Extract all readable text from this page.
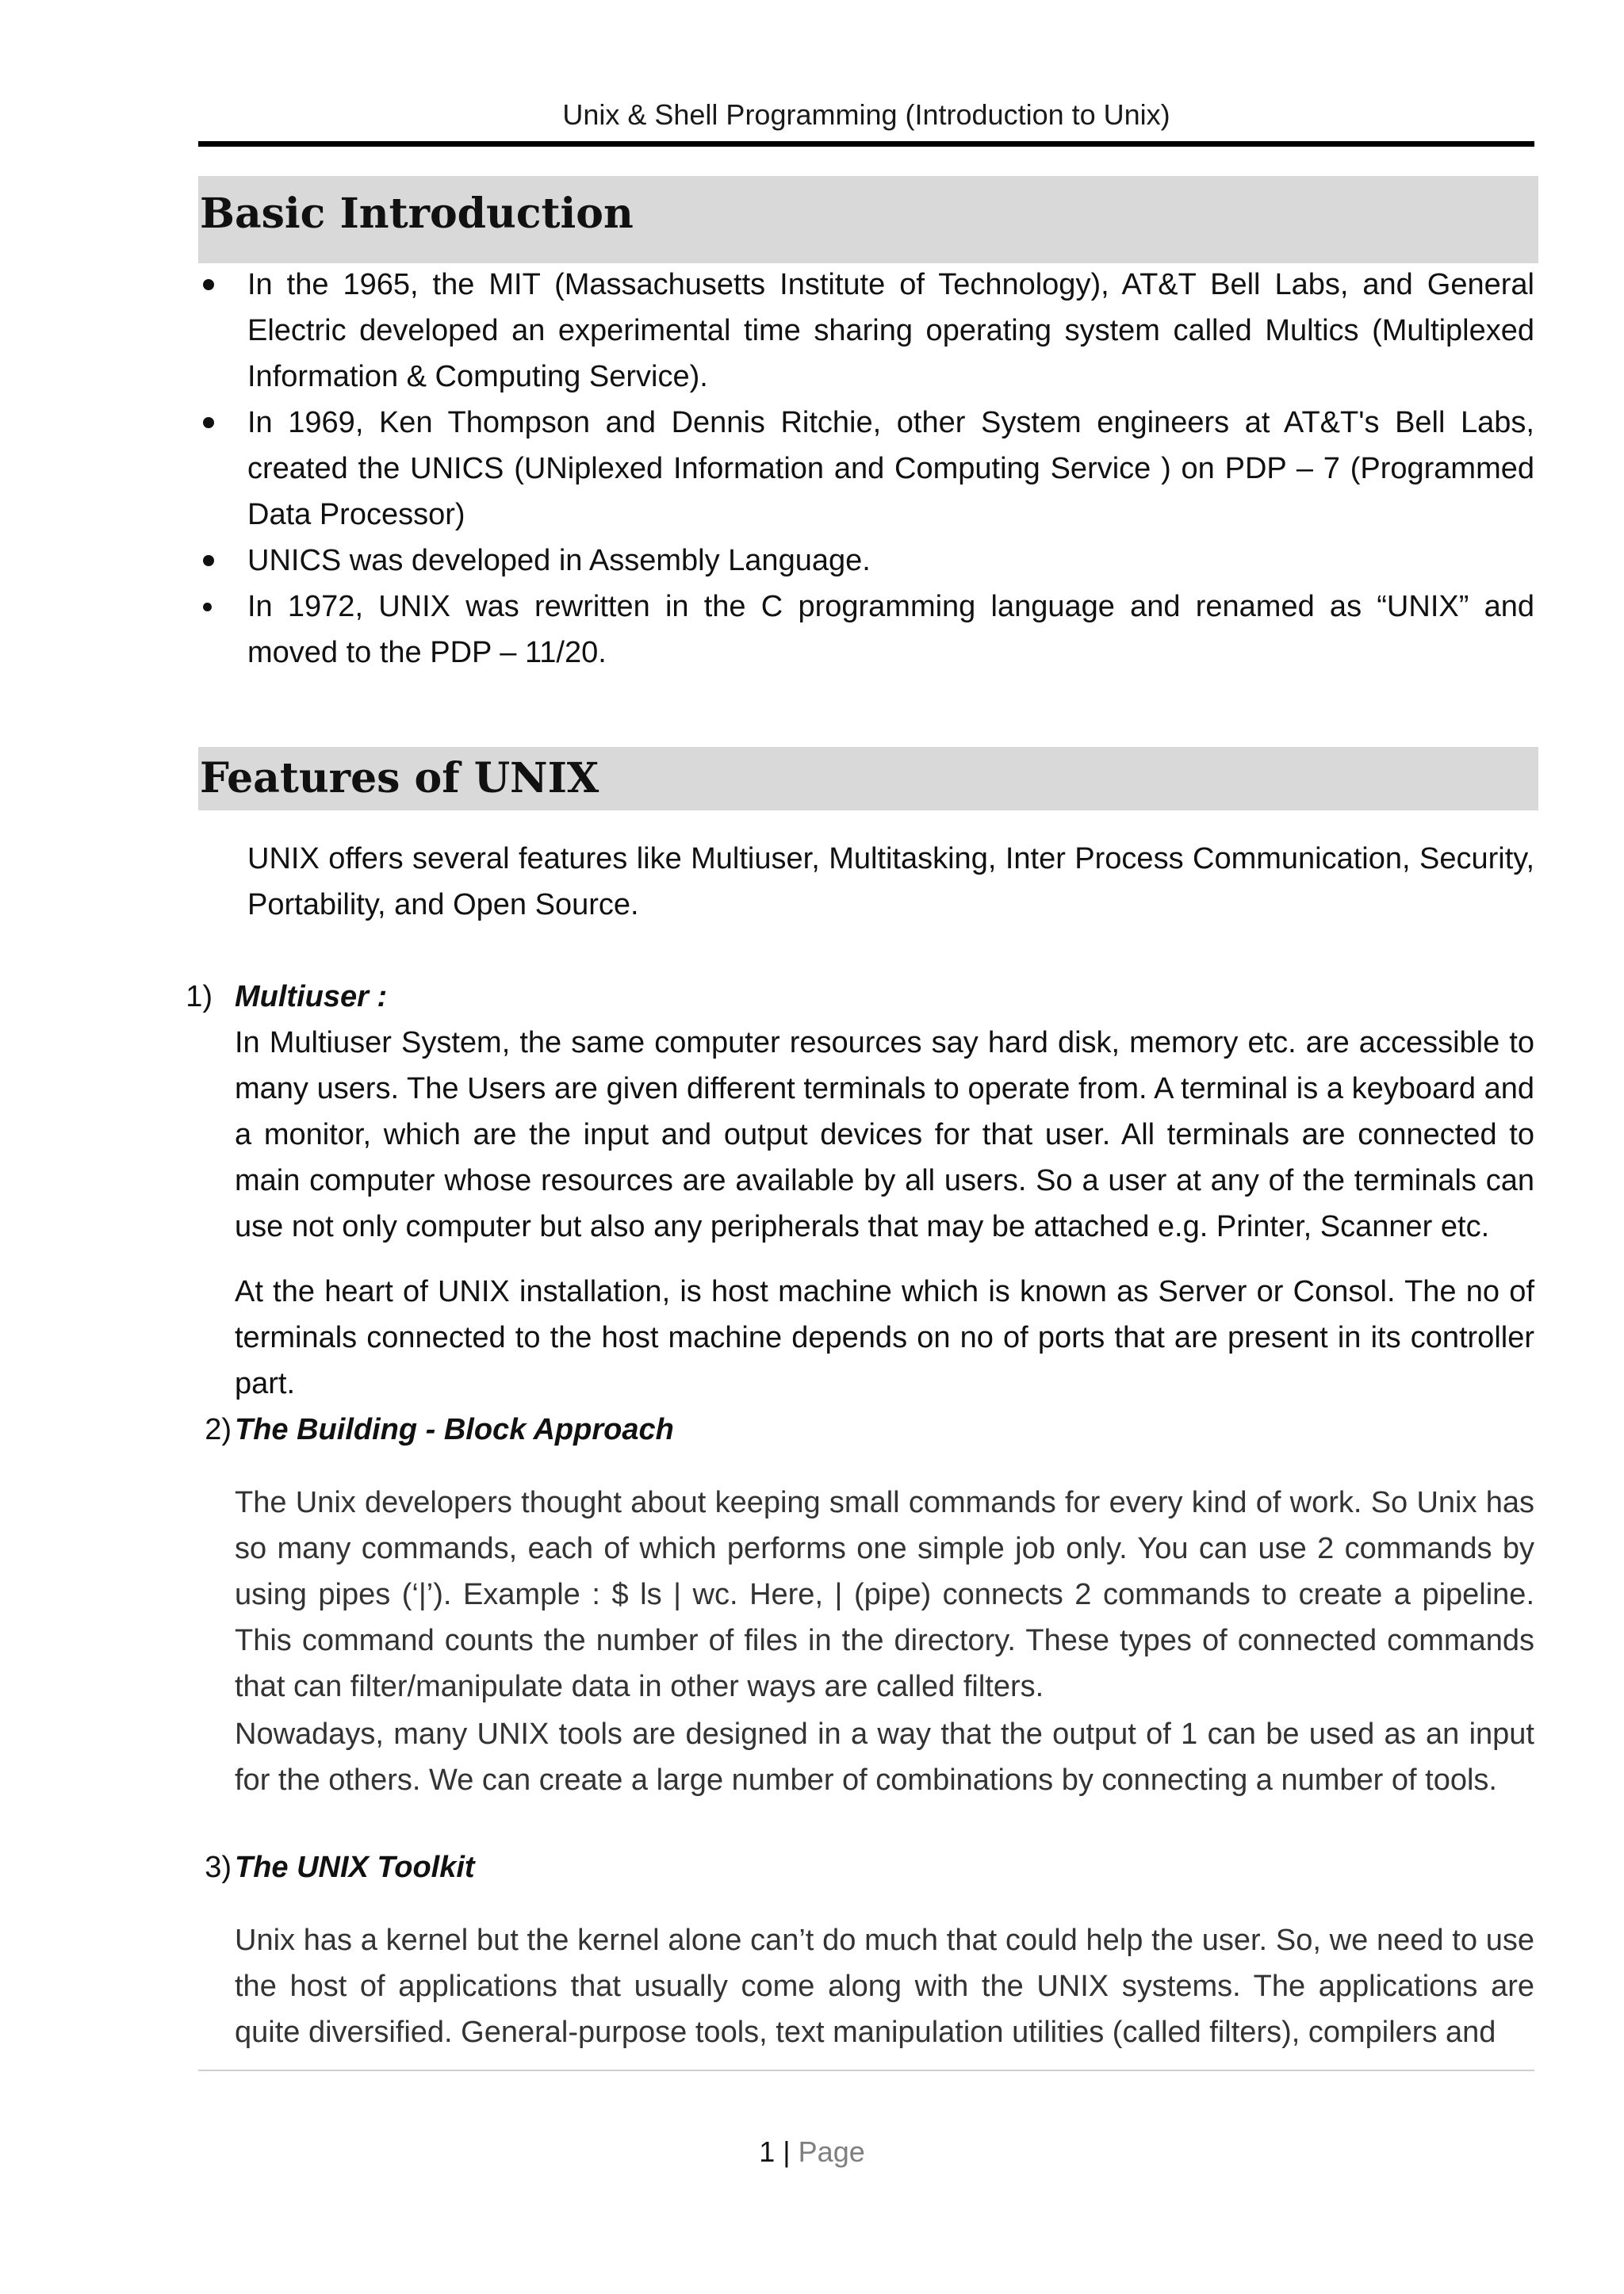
Unix & Shell Programming (Introduction to Unix)
Basic Introduction
In the 1965, the MIT (Massachusetts Institute of Technology), AT&T Bell Labs, and General Electric developed an experimental time sharing operating system called Multics (Multiplexed Information & Computing Service).
In 1969, Ken Thompson and Dennis Ritchie, other System engineers at AT&T's Bell Labs, created the UNICS (UNiplexed Information and Computing Service ) on PDP – 7 (Programmed Data Processor)
UNICS was developed in Assembly Language.
In 1972, UNIX was rewritten in the C programming language and renamed as “UNIX” and moved to the PDP – 11/20.
Features of UNIX

UNIX offers several features like Multiuser, Multitasking, Inter Process Communication, Security, Portability, and Open Source.

1) Multiuser :

In Multiuser System, the same computer resources say hard disk, memory etc. are accessible to many users. The Users are given different terminals to operate from. A terminal is a keyboard and a monitor, which are the input and output devices for that user. All terminals are connected to main computer whose resources are available by all users. So a user at any of the terminals can use not only computer but also any peripherals that may be attached e.g. Printer, Scanner etc.

At the heart of UNIX installation, is host machine which is known as Server or Consol. The no of terminals connected to the host machine depends on no of ports that are present in its controller part.

2) The Building - Block Approach

The Unix developers thought about keeping small commands for every kind of work. So Unix has so many commands, each of which performs one simple job only. You can use 2 commands by using pipes (‘|’). Example : $ ls | wc. Here, | (pipe) connects 2 commands to create a pipeline. This command counts the number of files in the directory. These types of connected commands that can filter/manipulate data in other ways are called filters.

Nowadays, many UNIX tools are designed in a way that the output of 1 can be used as an input for the others. We can create a large number of combinations by connecting a number of tools.

3) The UNIX Toolkit

Unix has a kernel but the kernel alone can’t do much that could help the user. So, we need to use the host of applications that usually come along with the UNIX systems. The applications are quite diversified. General-purpose tools, text manipulation utilities (called filters), compilers and

1 | Page
